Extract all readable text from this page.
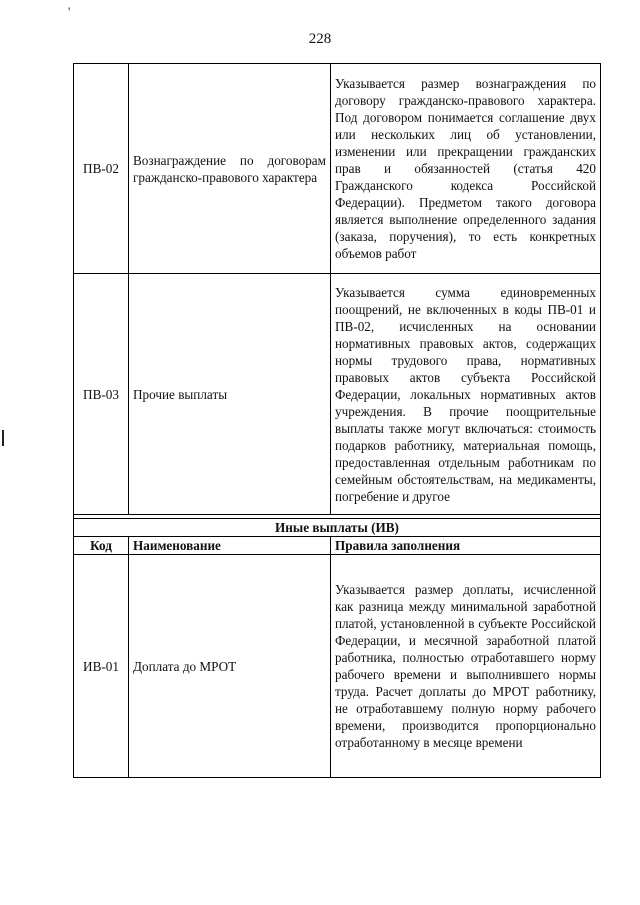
'
228
ПВ-02	Вознаграждение по договорам гражданско-правового характера	Указывается размер вознаграждения по договору гражданско-правового характера. Под договором понимается соглашение двух или нескольких лиц об установлении, изменении или прекращении гражданских прав и обязанностей (статья 420 Гражданского кодекса Российской Федерации). Предметом такого договора является выполнение определенного задания (заказа, поручения), то есть конкретных объемов работ
ПВ-03	Прочие выплаты	Указывается сумма единовременных поощрений, не включенных в коды ПВ-01 и ПВ-02, исчисленных на основании нормативных правовых актов, содержащих нормы трудового права, нормативных правовых актов субъекта Российской Федерации, локальных нормативных актов учреждения. В прочие поощрительные выплаты также могут включаться: стоимость подарков работнику, материальная помощь, предоставленная отдельным работникам по семейным обстоятельствам, на медикаменты, погребение и другое

Иные выплаты (ИВ)		
Код	Наименование	Правила заполнения
ИВ-01	Доплата до МРОТ	Указывается размер доплаты, исчисленной как разница между минимальной заработной платой, установленной в субъекте Российской Федерации, и месячной заработной платой работника, полностью отработавшего норму рабочего времени и выполнившего нормы труда. Расчет доплаты до МРОТ работнику, не отработавшему полную норму рабочего времени, производится пропорционально отработанному в месяце времени
